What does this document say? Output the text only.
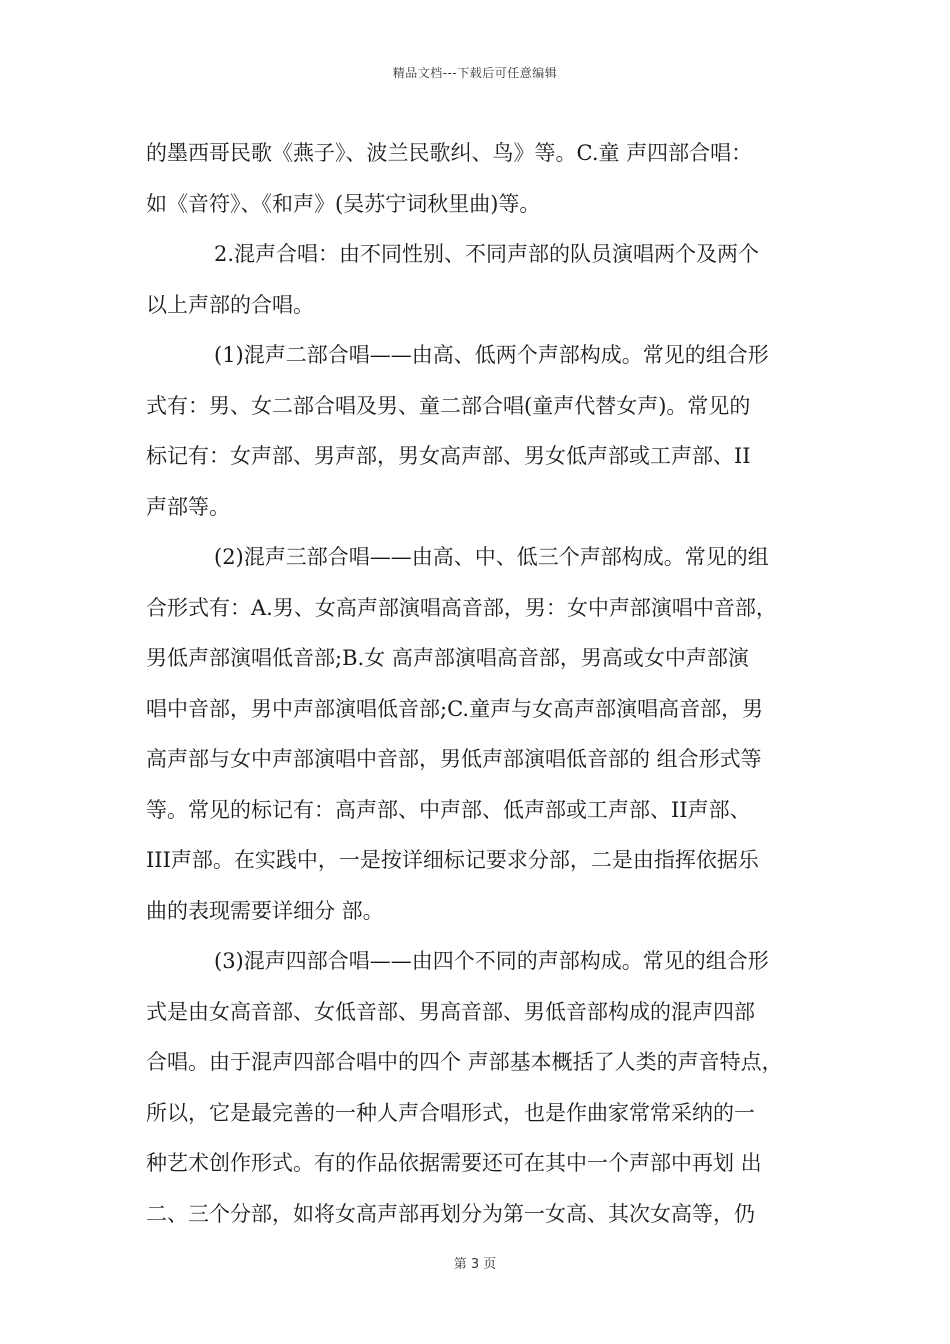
精品文档---下载后可任意编辑
的墨西哥民歌《燕子》、波兰民歌纠、鸟》等。C.童 声四部合唱：
如《音符》、《和声》(吴苏宁词秋里曲)等。
2.混声合唱：由不同性别、不同声部的队员演唱两个及两个
以上声部的合唱。
(1)混声二部合唱——由高、低两个声部构成。常见的组合形
式有：男、女二部合唱及男、童二部合唱(童声代替女声)。常见的
标记有：女声部、男声部，男女高声部、男女低声部或工声部、II
声部等。
(2)混声三部合唱——由高、中、低三个声部构成。常见的组
合形式有：A.男、女高声部演唱高音部，男：女中声部演唱中音部，
男低声部演唱低音部;B.女 高声部演唱高音部，男高或女中声部演
唱中音部，男中声部演唱低音部;C.童声与女高声部演唱高音部，男
高声部与女中声部演唱中音部，男低声部演唱低音部的 组合形式等
等。常见的标记有：高声部、中声部、低声部或工声部、II声部、
III声部。在实践中，一是按详细标记要求分部，二是由指挥依据乐
曲的表现需要详细分 部。
(3)混声四部合唱——由四个不同的声部构成。常见的组合形
式是由女高音部、女低音部、男高音部、男低音部构成的混声四部
合唱。由于混声四部合唱中的四个 声部基本概括了人类的声音特点，
所以，它是最完善的一种人声合唱形式，也是作曲家常常采纳的一
种艺术创作形式。有的作品依据需要还可在其中一个声部中再划 出
二、三个分部，如将女高声部再划分为第一女高、其次女高等，仍
第 3 页
